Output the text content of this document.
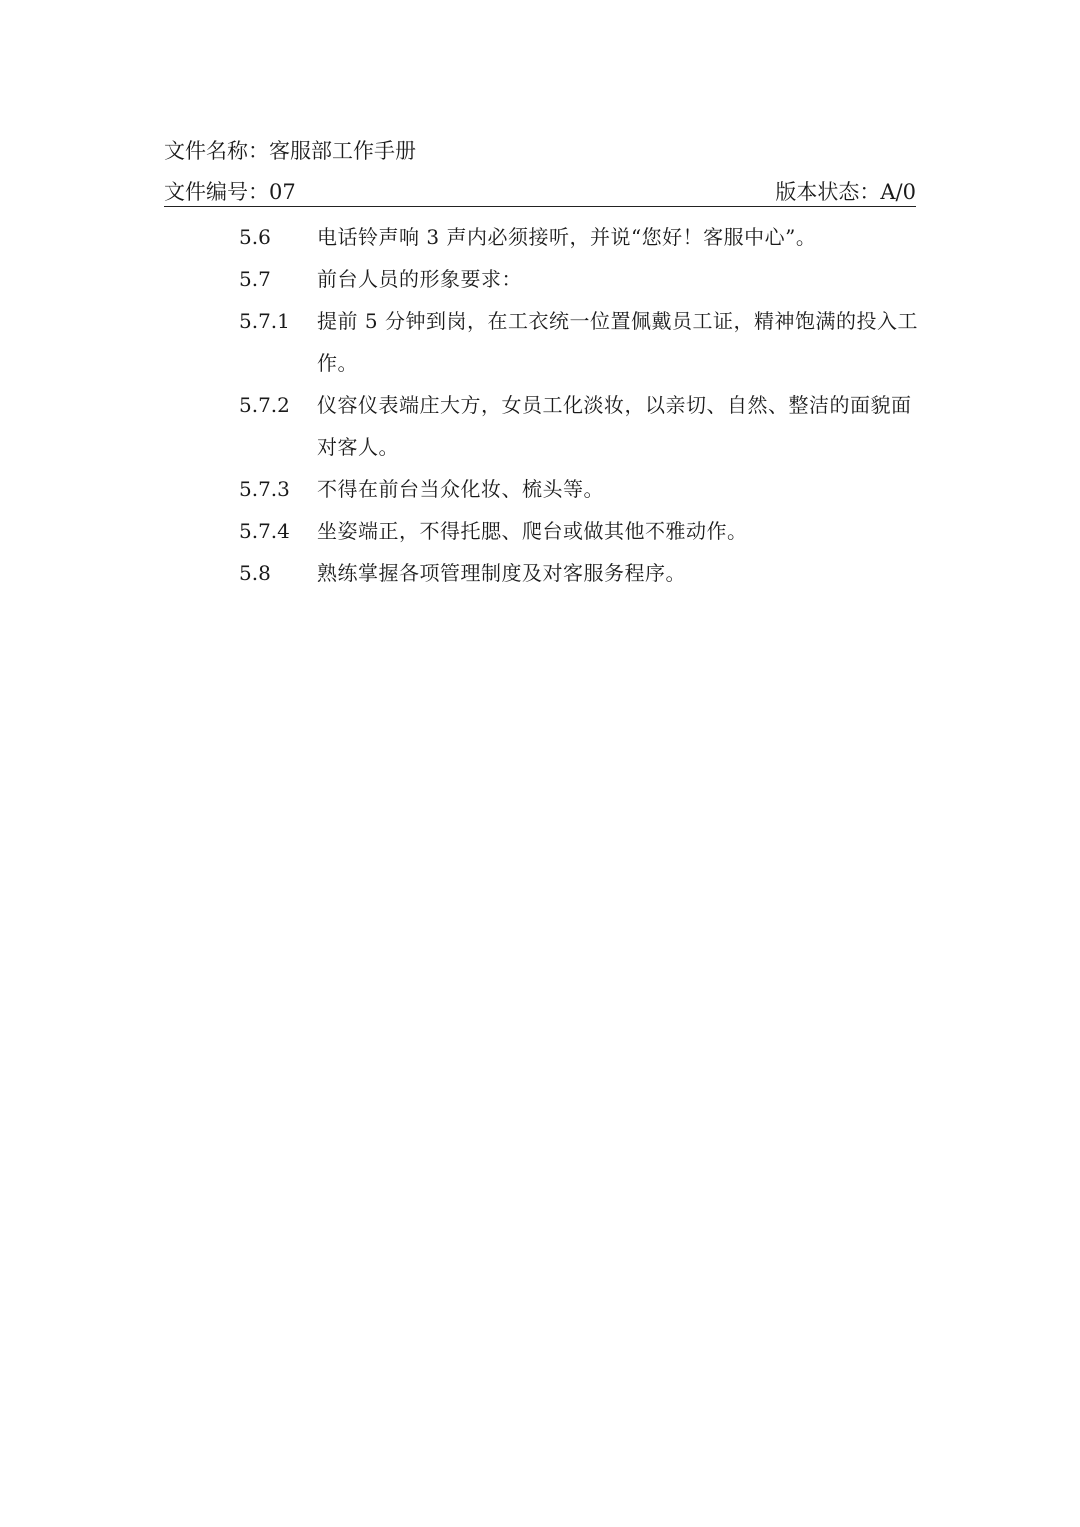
文件名称：客服部工作手册
文件编号：07	版本状态：A/0
5.6	电话铃声响 3 声内必须接听，并说“您好！客服中心”。
5.7	前台人员的形象要求：
5.7.1	提前 5 分钟到岗，在工衣统一位置佩戴员工证，精神饱满的投入工作。
5.7.2	仪容仪表端庄大方，女员工化淡妆，以亲切、自然、整洁的面貌面对客人。
5.7.3	不得在前台当众化妆、梳头等。
5.7.4	坐姿端正，不得托腮、爬台或做其他不雅动作。
5.8	熟练掌握各项管理制度及对客服务程序。
